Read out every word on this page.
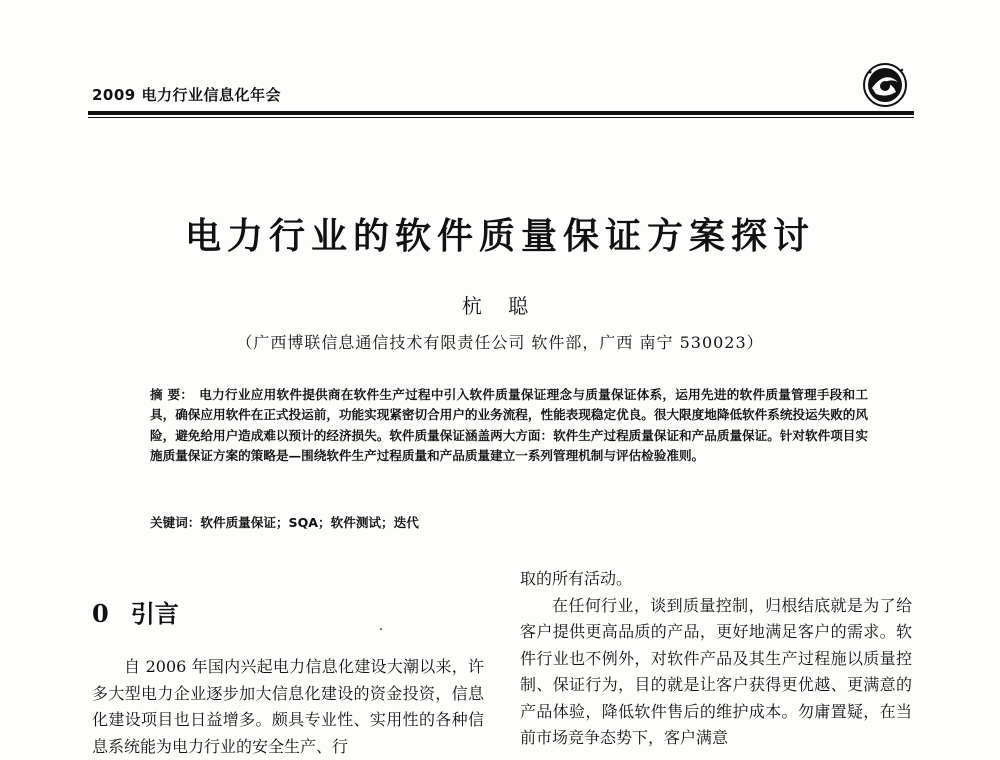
2009 电力行业信息化年会
电力行业的软件质量保证方案探讨
杭 聪
（广西博联信息通信技术有限责任公司 软件部，广西 南宁 530023）
摘 要： 电力行业应用软件提供商在软件生产过程中引入软件质量保证理念与质量保证体系，运用先进的软件质量管理手段和工具，确保应用软件在正式投运前，功能实现紧密切合用户的业务流程，性能表现稳定优良。很大限度地降低软件系统投运失败的风险，避免给用户造成难以预计的经济损失。软件质量保证涵盖两大方面：软件生产过程质量保证和产品质量保证。针对软件项目实施质量保证方案的策略是—围绕软件生产过程质量和产品质量建立一系列管理机制与评估检验准则。
关键词：软件质量保证；SQA；软件测试；迭代
0 引言

自 2006 年国内兴起电力信息化建设大潮以来，许多大型电力企业逐步加大信息化建设的资金投资，信息化建设项目也日益增多。颇具专业性、实用性的各种信息系统能为电力行业的安全生产、行

取的所有活动。

在任何行业，谈到质量控制，归根结底就是为了给客户提供更高品质的产品，更好地满足客户的需求。软件行业也不例外，对软件产品及其生产过程施以质量控制、保证行为，目的就是让客户获得更优越、更满意的产品体验，降低软件售后的维护成本。勿庸置疑，在当前市场竞争态势下，客户满意
